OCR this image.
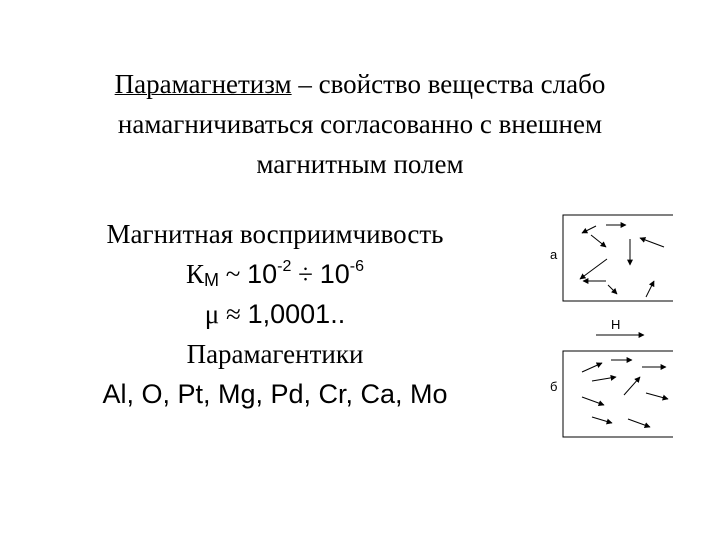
Парамагнетизм – свойство вещества слабо
намагничиваться согласованно с внешнем
магнитным полем
Магнитная восприимчивость
КМ ~ $10^{-2} \div 10^{-6}$
μ ≈ 1,0001..
Парамагентики
Al, O, Pt, Mg, Pd, Cr, Ca, Mo
а
Н
б
